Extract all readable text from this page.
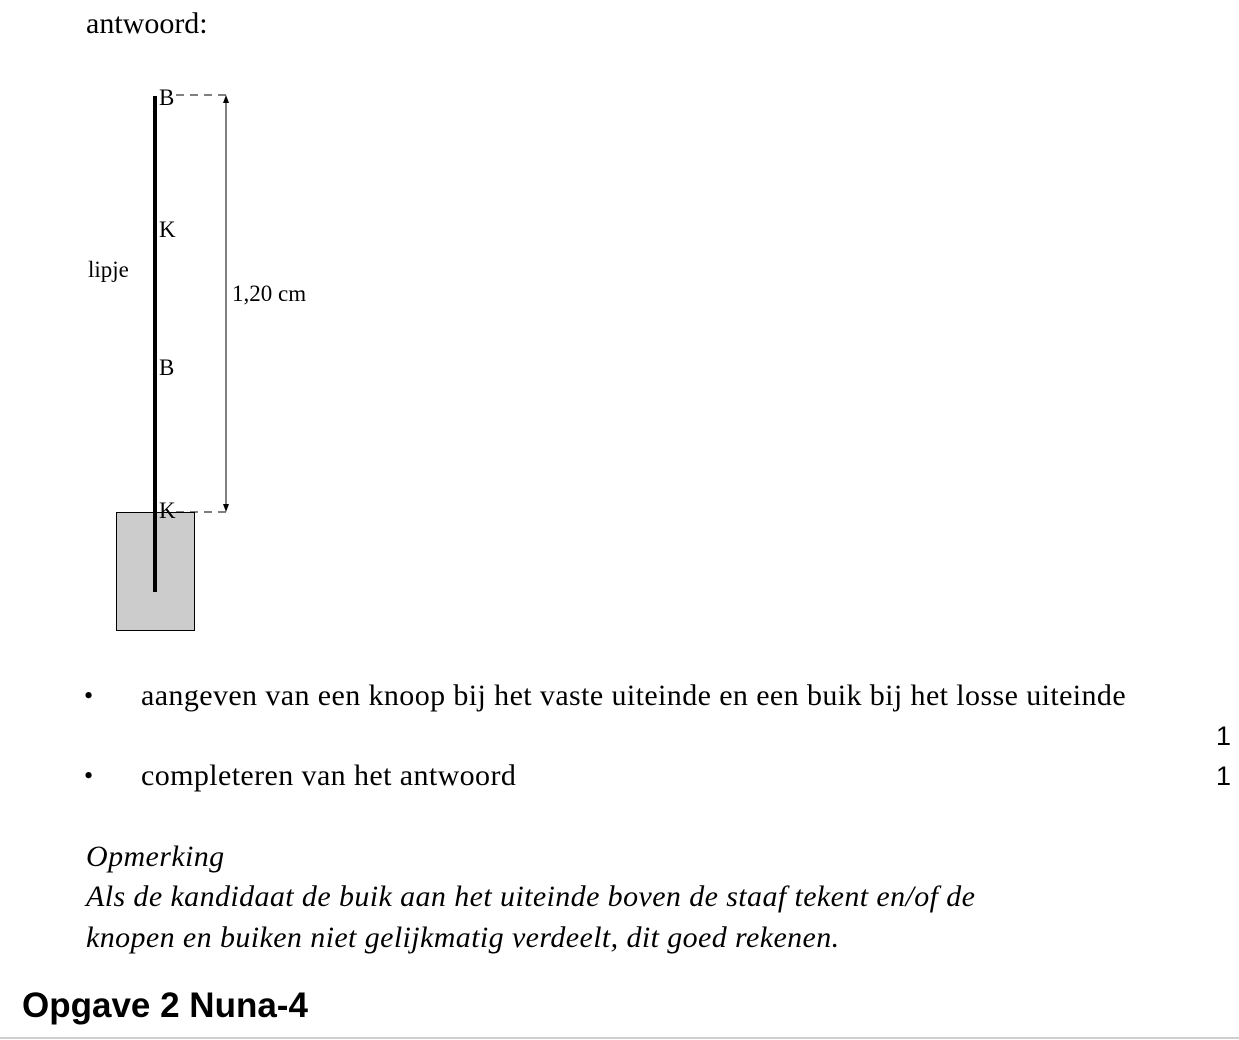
antwoord:
lipje
1,20 cm
B
K
B
K
•	aangeven van een knoop bij het vaste uiteinde en een buik bij het losse uiteinde
1
•	completeren van het antwoord	1
Opmerking
Als de kandidaat de buik aan het uiteinde boven de staaf tekent en/of de
knopen en buiken niet gelijkmatig verdeelt, dit goed rekenen.
Opgave 2 Nuna-4
